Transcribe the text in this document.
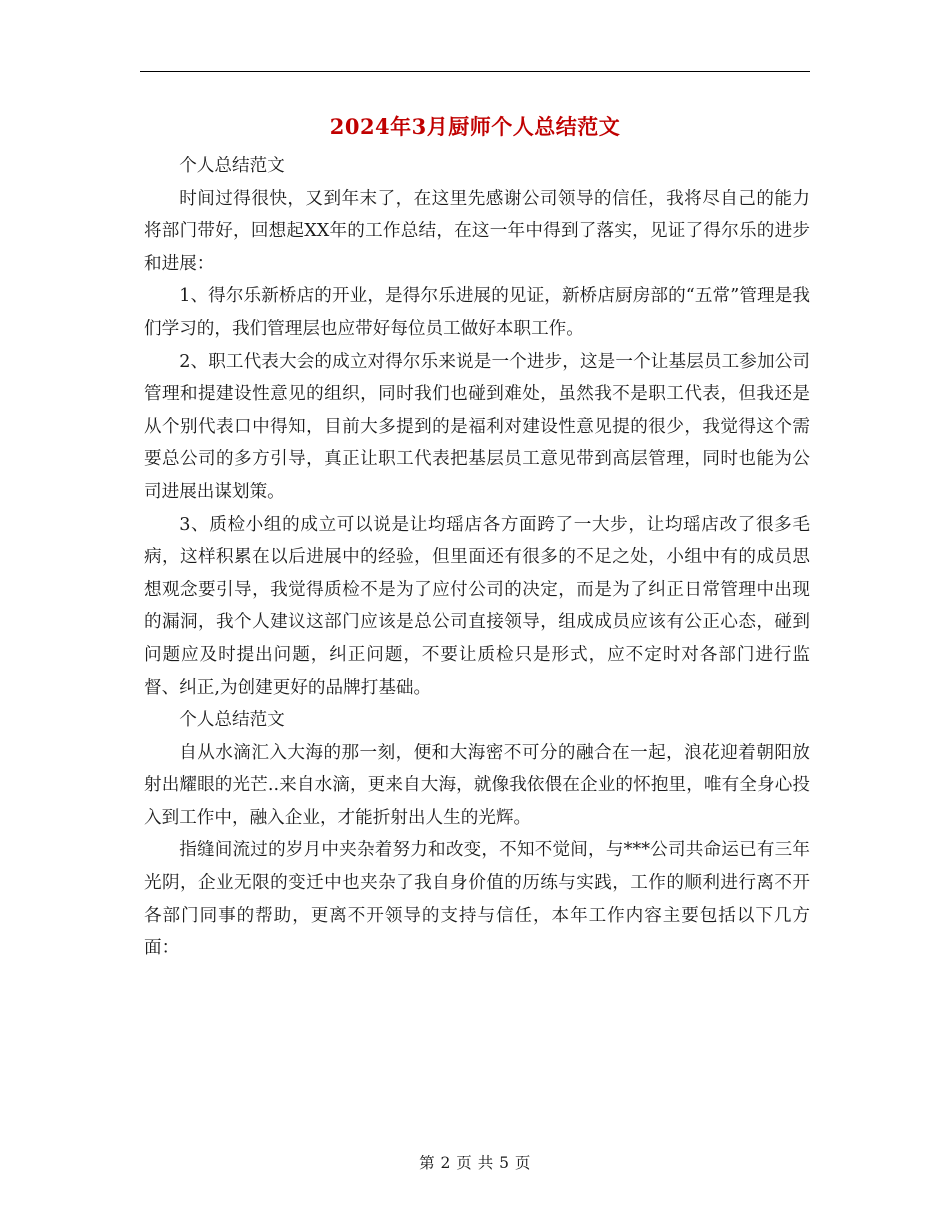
2024年3月厨师个人总结范文

个人总结范文

时间过得很快，又到年末了，在这里先感谢公司领导的信任，我将尽自己的能力将部门带好，回想起XX年的工作总结，在这一年中得到了落实，见证了得尔乐的进步和进展：

1、得尔乐新桥店的开业，是得尔乐进展的见证，新桥店厨房部的“五常”管理是我们学习的，我们管理层也应带好每位员工做好本职工作。

2、职工代表大会的成立对得尔乐来说是一个进步，这是一个让基层员工参加公司管理和提建设性意见的组织，同时我们也碰到难处，虽然我不是职工代表，但我还是从个别代表口中得知，目前大多提到的是福利对建设性意见提的很少，我觉得这个需要总公司的多方引导，真正让职工代表把基层员工意见带到高层管理，同时也能为公司进展出谋划策。

3、质检小组的成立可以说是让均瑶店各方面跨了一大步，让均瑶店改了很多毛病，这样积累在以后进展中的经验，但里面还有很多的不足之处，小组中有的成员思想观念要引导，我觉得质检不是为了应付公司的决定，而是为了纠正日常管理中出现的漏洞，我个人建议这部门应该是总公司直接领导，组成成员应该有公正心态，碰到问题应及时提出问题，纠正问题，不要让质检只是形式，应不定时对各部门进行监督、纠正,为创建更好的品牌打基础。

个人总结范文

自从水滴汇入大海的那一刻，便和大海密不可分的融合在一起，浪花迎着朝阳放射出耀眼的光芒..来自水滴，更来自大海，就像我依偎在企业的怀抱里，唯有全身心投入到工作中，融入企业，才能折射出人生的光辉。

指缝间流过的岁月中夹杂着努力和改变，不知不觉间，与***公司共命运已有三年光阴，企业无限的变迁中也夹杂了我自身价值的历练与实践，工作的顺利进行离不开各部门同事的帮助，更离不开领导的支持与信任，本年工作内容主要包括以下几方面：

第 2 页 共 5 页
